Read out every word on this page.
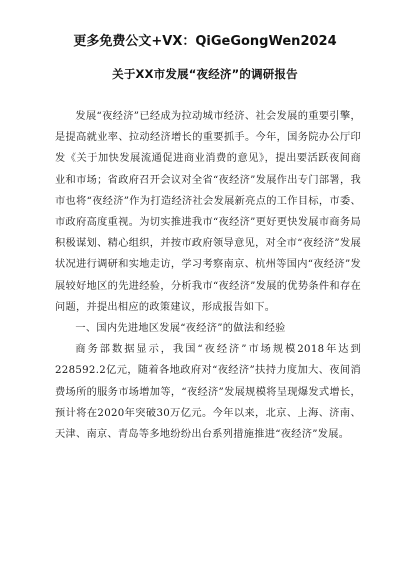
更多免费公文+VX：QiGeGongWen2024
关于XX市发展“夜经济”的调研报告

发展“夜经济”已经成为拉动城市经济、社会发展的重要引擎，是提高就业率、拉动经济增长的重要抓手。今年，国务院办公厅印发《关于加快发展流通促进商业消费的意见》，提出要活跃夜间商业和市场；省政府召开会议对全省“夜经济”发展作出专门部署，我市也将“夜经济”作为打造经济社会发展新亮点的工作目标，市委、市政府高度重视。为切实推进我市“夜经济”更好更快发展市商务局积极谋划、精心组织，并按市政府领导意见，对全市“夜经济”发展状况进行调研和实地走访，学习考察南京、杭州等国内“夜经济”发展较好地区的先进经验，分析我市“夜经济”发展的优势条件和存在问题，并提出相应的政策建议，形成报告如下。

一、国内先进地区发展“夜经济”的做法和经验

商务部数据显示，我国“夜经济”市场规模2018年达到228592.2亿元，随着各地政府对“夜经济”扶持力度加大、夜间消费场所的服务市场增加等，“夜经济”发展规模将呈现爆发式增长，预计将在2020年突破30万亿元。今年以来，北京、上海、济南、天津、南京、青岛等多地纷纷出台系列措施推进“夜经济”发展。
